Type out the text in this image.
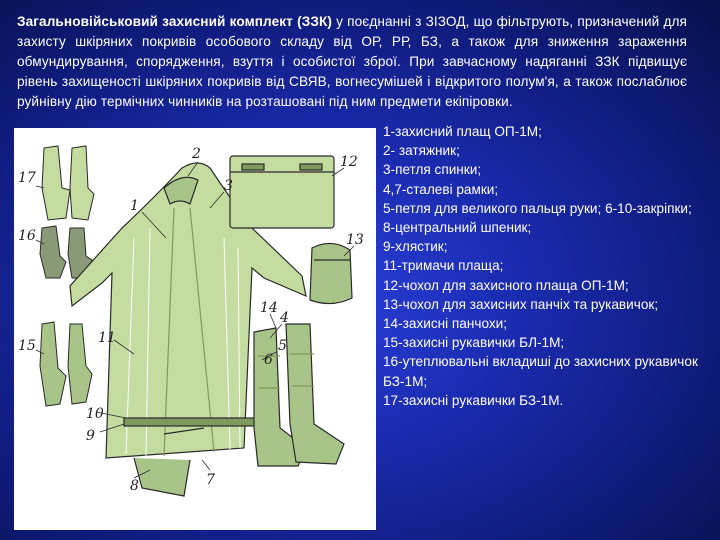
Загальновійськовий захисний комплект (ЗЗК) у поєднанні з ЗІЗОД, що фільтрують, призначений для захисту шкіряних покривів особового складу від ОР, РР, БЗ, а також для зниження зараження обмундирування, спорядження, взуття і особистої зброї. При завчасному надяганні ЗЗК підвищує рівень захищеності шкіряних покривів від СВЯВ, вогнесумішей і відкритого полум'я, а також послаблює руйнівну дію термічних чинників на розташовані під ним предмети екіпіровки.
17
16
15
1
2
3
12
13
14
4
5
6
11
10
9
8	7
1-захисний плащ ОП-1М;
2- затяжник;
3-петля спинки;
4,7-сталеві рамки;
5-петля для великого пальця руки; 6-10-закріпки;
8-центральний шпеник;
9-хлястик;
11-тримачи плаща;
12-чохол для захисного плаща ОП-1М;
13-чохол для захисних панчіх та рукавичок;
14-захисні панчохи;
15-захисні рукавички БЛ-1М;
16-утеплювальні вкладиші до захисних рукавичок БЗ-1М;
17-захисні рукавички БЗ-1М.
